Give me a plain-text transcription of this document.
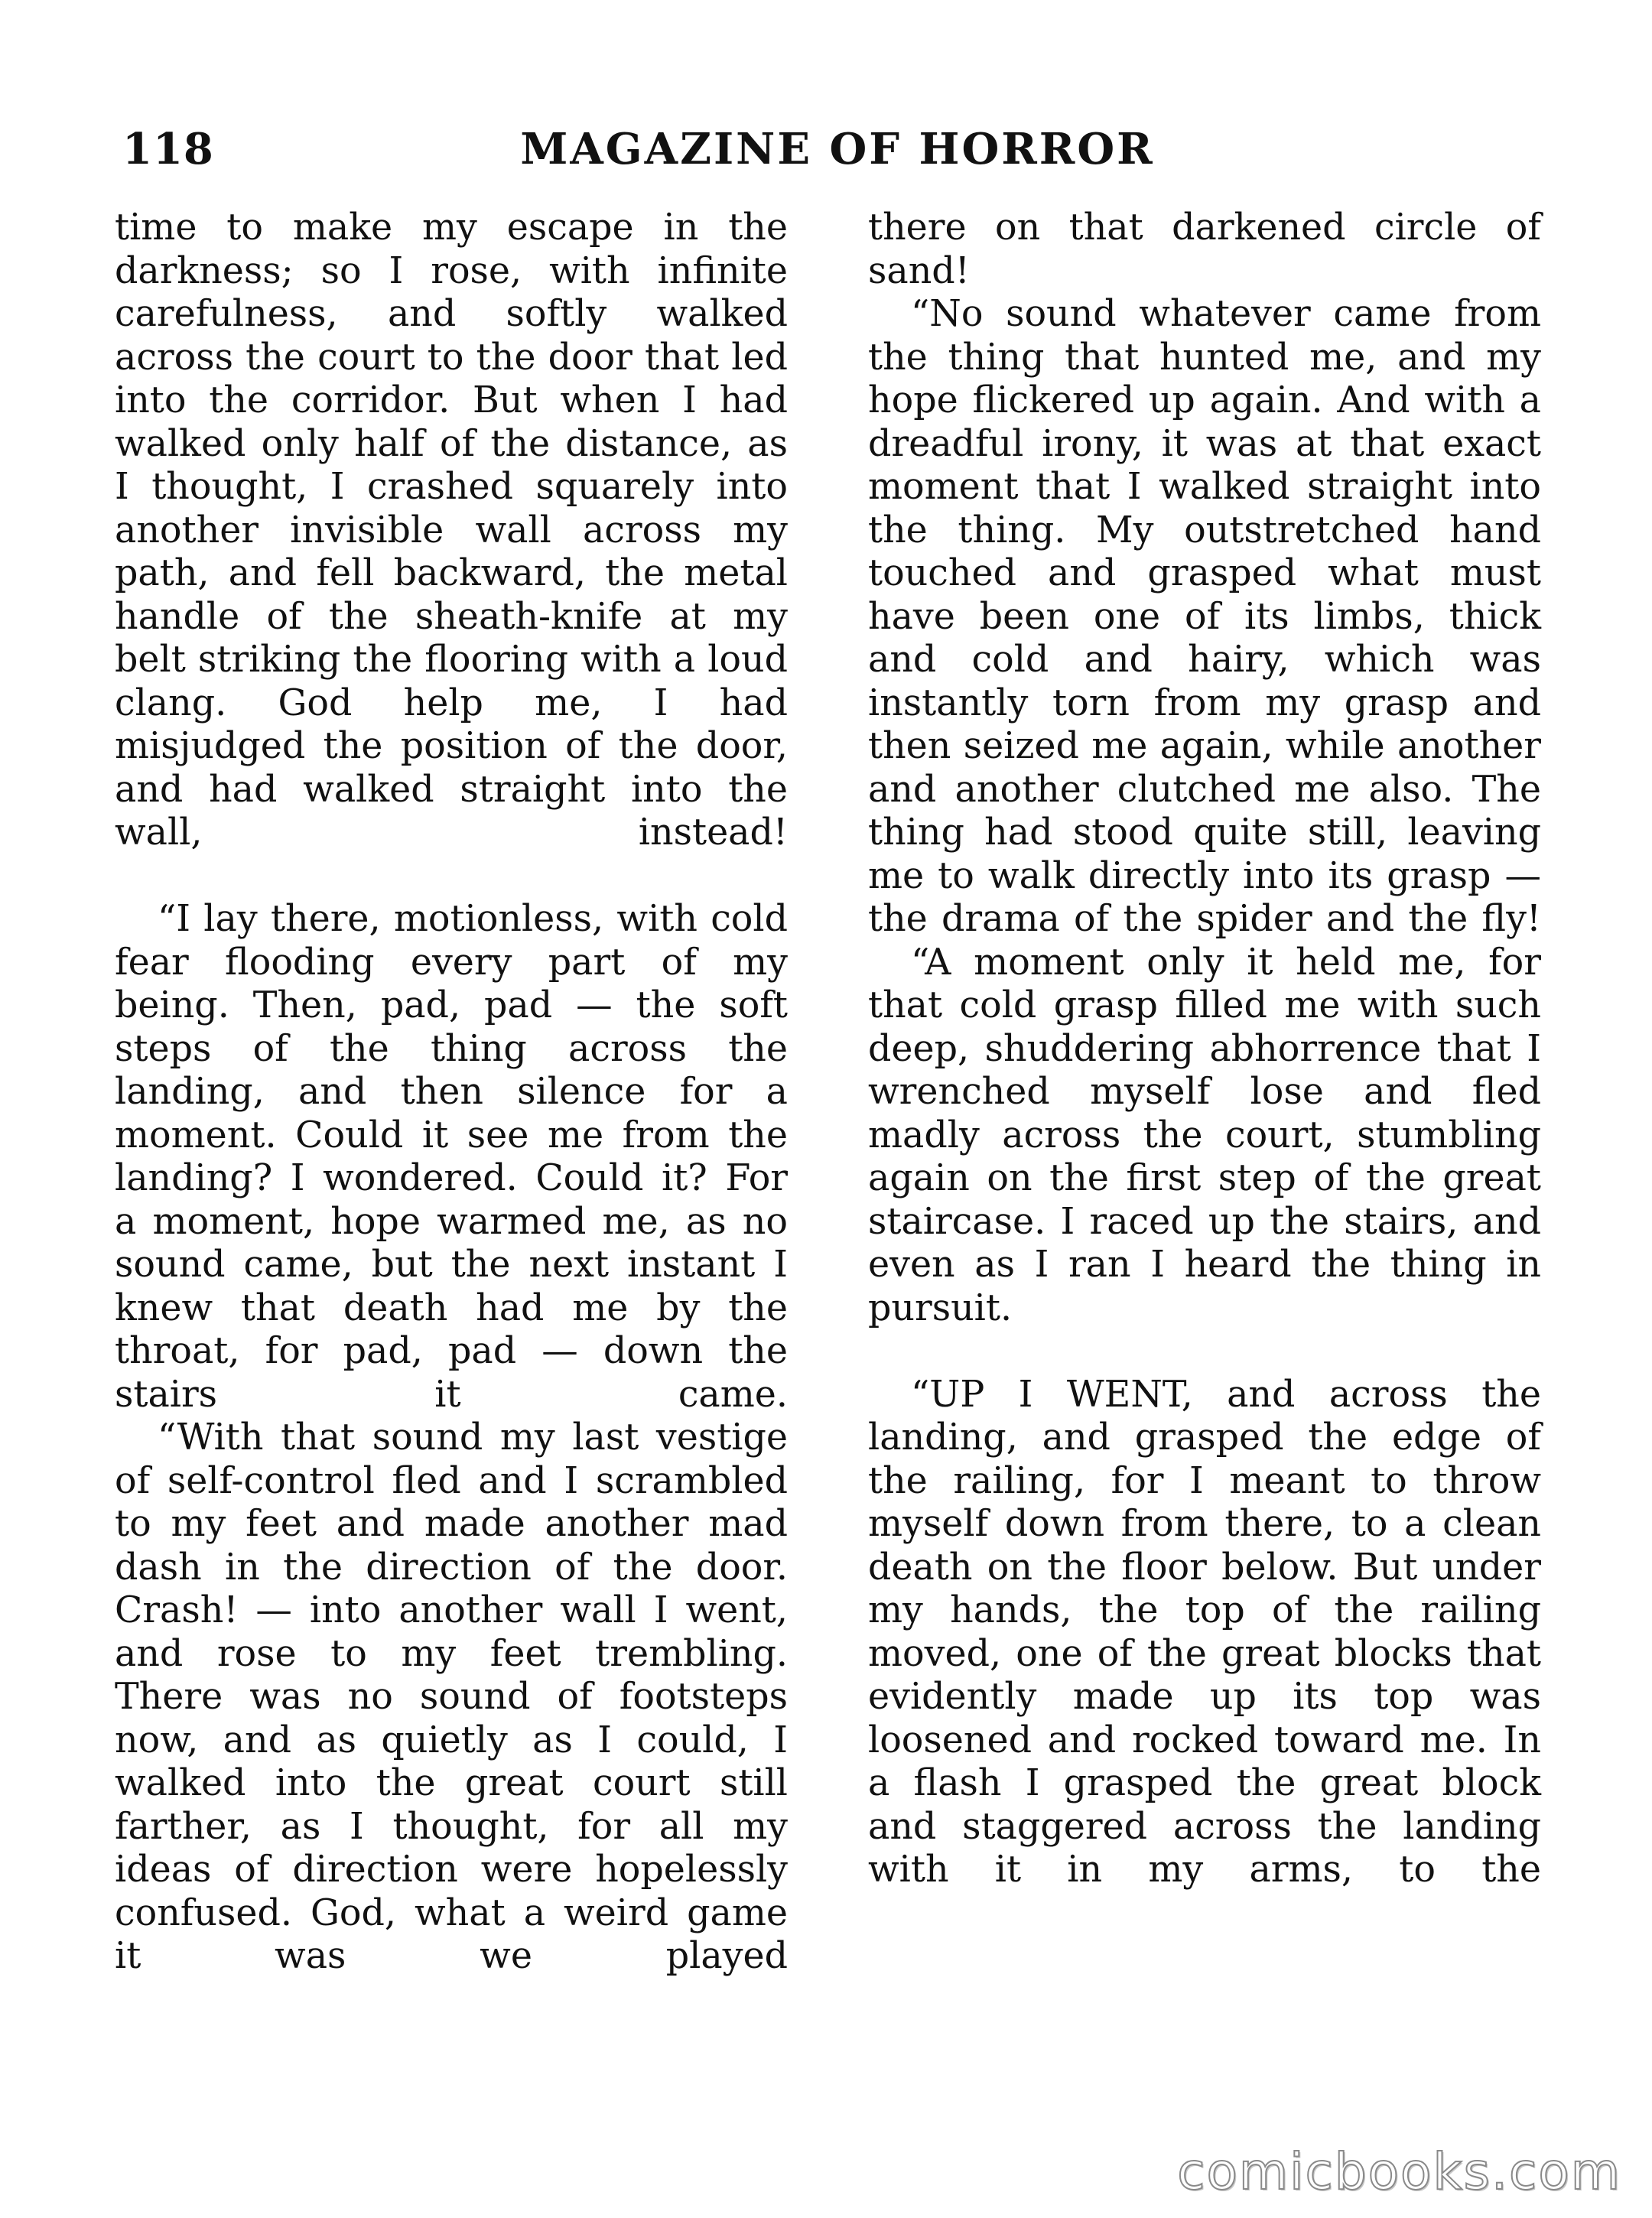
118	MAGAZINE OF HORROR

time to make my escape in the darkness; so I rose, with infinite carefulness, and softly walked across the court to the door that led into the corridor. But when I had walked only half of the distance, as I thought, I crashed squarely into another invisible wall across my path, and fell backward, the metal handle of the sheath-knife at my belt striking the flooring with a loud clang. God help me, I had misjudged the position of the door, and had walked straight into the wall, instead!

“I lay there, motionless, with cold fear flooding every part of my being. Then, pad, pad — the soft steps of the thing across the landing, and then silence for a moment. Could it see me from the landing? I wondered. Could it? For a moment, hope warmed me, as no sound came, but the next instant I knew that death had me by the throat, for pad, pad — down the stairs it came.

“With that sound my last vestige of self-control fled and I scrambled to my feet and made another mad dash in the direction of the door. Crash! — into another wall I went, and rose to my feet trembling. There was no sound of footsteps now, and as quietly as I could, I walked into the great court still farther, as I thought, for all my ideas of direction were hopelessly confused. God, what a weird game it was we played

there on that darkened circle of sand!

“No sound whatever came from the thing that hunted me, and my hope flickered up again. And with a dreadful irony, it was at that exact moment that I walked straight into the thing. My outstretched hand touched and grasped what must have been one of its limbs, thick and cold and hairy, which was instantly torn from my grasp and then seized me again, while another and another clutched me also. The thing had stood quite still, leaving me to walk directly into its grasp — the drama of the spider and the fly!

“A moment only it held me, for that cold grasp filled me with such deep, shuddering abhorrence that I wrenched myself lose and fled madly across the court, stumbling again on the first step of the great staircase. I raced up the stairs, and even as I ran I heard the thing in pursuit.

“UP I WENT, and across the landing, and grasped the edge of the railing, for I meant to throw myself down from there, to a clean death on the floor below. But under my hands, the top of the railing moved, one of the great blocks that evidently made up its top was loosened and rocked toward me. In a flash I grasped the great block and staggered across the landing with it in my arms, to the

comicbooks.com
